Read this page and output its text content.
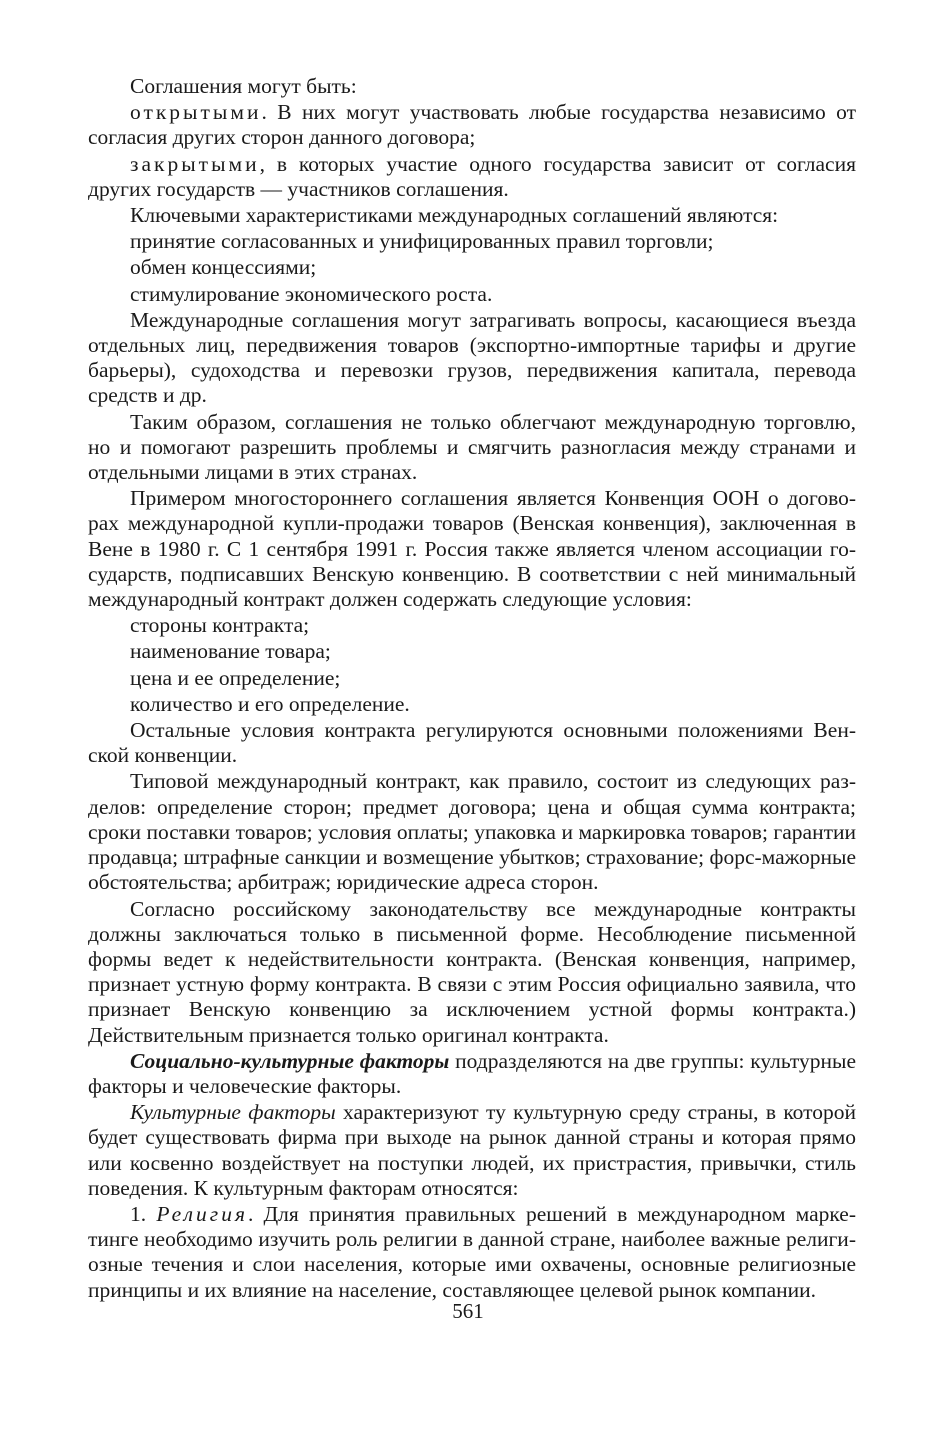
Соглашения могут быть:

открытыми. В них могут участвовать любые государства независимо от согласия других сторон данного договора;

закрытыми, в которых участие одного государства зависит от согласия других государств — участников соглашения.

Ключевыми характеристиками международных соглашений являются:

принятие согласованных и унифицированных правил торговли;

обмен концессиями;

стимулирование экономического роста.

Международные соглашения могут затрагивать вопросы, касающиеся въезда отдельных лиц, передвижения товаров (экспортно-импортные тарифы и другие барьеры), судоходства и перевозки грузов, передвижения капитала, перевода средств и др.

Таким образом, соглашения не только облегчают международную торговлю, но и помогают разрешить проблемы и смягчить разногласия между странами и отдельными лицами в этих странах.

Примером многостороннего соглашения является Конвенция ООН о договорах международной купли-продажи товаров (Венская конвенция), заключенная в Вене в 1980 г. С 1 сентября 1991 г. Россия также является членом ассоциации государств, подписавших Венскую конвенцию. В соответствии с ней минимальный международный контракт должен содержать следующие условия:

стороны контракта;

наименование товара;

цена и ее определение;

количество и его определение.

Остальные условия контракта регулируются основными положениями Венской конвенции.

Типовой международный контракт, как правило, состоит из следующих разделов: определение сторон; предмет договора; цена и общая сумма контракта; сроки поставки товаров; условия оплаты; упаковка и маркировка товаров; гарантии продавца; штрафные санкции и возмещение убытков; страхование; форс-мажорные обстоятельства; арбитраж; юридические адреса сторон.

Согласно российскому законодательству все международные контракты должны заключаться только в письменной форме. Несоблюдение письменной формы ведет к недействительности контракта. (Венская конвенция, например, признает устную форму контракта. В связи с этим Россия официально заявила, что признает Венскую конвенцию за исключением устной формы контракта.) Действительным признается только оригинал контракта.

Социально-культурные факторы подразделяются на две группы: культурные факторы и человеческие факторы.

Культурные факторы характеризуют ту культурную среду страны, в которой будет существовать фирма при выходе на рынок данной страны и которая прямо или косвенно воздействует на поступки людей, их пристрастия, привычки, стиль поведения. К культурным факторам относятся:

1. Религия. Для принятия правильных решений в международном маркетинге необходимо изучить роль религии в данной стране, наиболее важные религиозные течения и слои населения, которые ими охвачены, основные религиозные принципы и их влияние на население, составляющее целевой рынок компании.

561
